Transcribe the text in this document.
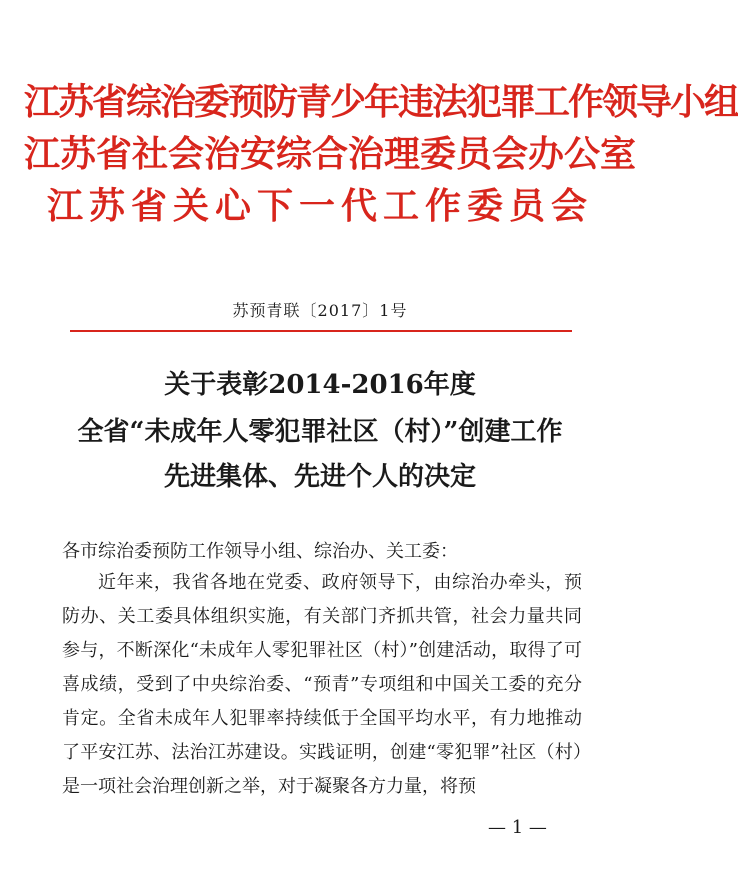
江苏省综治委预防青少年违法犯罪工作领导小组
江苏省社会治安综合治理委员会办公室
江苏省关心下一代工作委员会
苏预青联〔2017〕1号
关于表彰2014-2016年度
全省“未成年人零犯罪社区（村）”创建工作
先进集体、先进个人的决定
各市综治委预防工作领导小组、综治办、关工委：
近年来，我省各地在党委、政府领导下，由综治办牵头，预防办、关工委具体组织实施，有关部门齐抓共管，社会力量共同参与，不断深化“未成年人零犯罪社区（村）”创建活动，取得了可喜成绩，受到了中央综治委、“预青”专项组和中国关工委的充分肯定。全省未成年人犯罪率持续低于全国平均水平，有力地推动了平安江苏、法治江苏建设。实践证明，创建“零犯罪”社区（村）是一项社会治理创新之举，对于凝聚各方力量，将预
— 1 —
